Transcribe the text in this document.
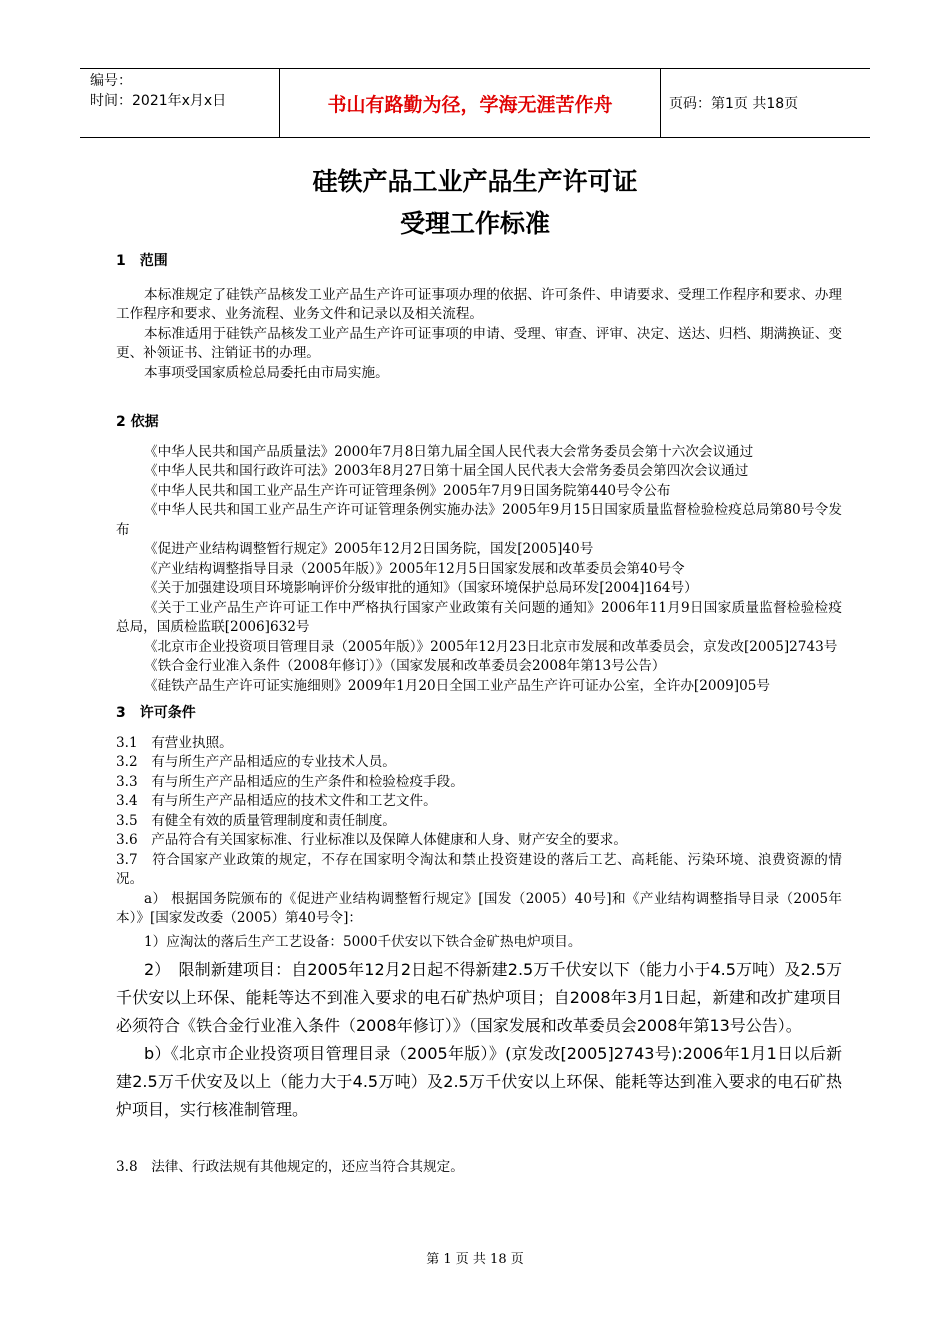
编号：
时间：2021年x月x日	书山有路勤为径，学海无涯苦作舟	页码：第1页 共18页
硅铁产品工业产品生产许可证
受理工作标准
1　范围

本标准规定了硅铁产品核发工业产品生产许可证事项办理的依据、许可条件、申请要求、受理工作程序和要求、办理工作程序和要求、业务流程、业务文件和记录以及相关流程。

本标准适用于硅铁产品核发工业产品生产许可证事项的申请、受理、审查、评审、决定、送达、归档、期满换证、变更、补领证书、注销证书的办理。

本事项受国家质检总局委托由市局实施。

2 依据

《中华人民共和国产品质量法》2000年7月8日第九届全国人民代表大会常务委员会第十六次会议通过

《中华人民共和国行政许可法》2003年8月27日第十届全国人民代表大会常务委员会第四次会议通过

《中华人民共和国工业产品生产许可证管理条例》2005年7月9日国务院第440号令公布

《中华人民共和国工业产品生产许可证管理条例实施办法》2005年9月15日国家质量监督检验检疫总局第80号令发布

《促进产业结构调整暂行规定》2005年12月2日国务院，国发[2005]40号

《产业结构调整指导目录（2005年版）》2005年12月5日国家发展和改革委员会第40号令

《关于加强建设项目环境影响评价分级审批的通知》（国家环境保护总局环发[2004]164号）

《关于工业产品生产许可证工作中严格执行国家产业政策有关问题的通知》2006年11月9日国家质量监督检验检疫总局，国质检监联[2006]632号

《北京市企业投资项目管理目录（2005年版）》2005年12月23日北京市发展和改革委员会，京发改[2005]2743号

《铁合金行业准入条件（2008年修订）》（国家发展和改革委员会2008年第13号公告）

《硅铁产品生产许可证实施细则》2009年1月20日全国工业产品生产许可证办公室，全许办[2009]05号

3　许可条件

3.1　有营业执照。

3.2　有与所生产产品相适应的专业技术人员。

3.3　有与所生产产品相适应的生产条件和检验检疫手段。

3.4　有与所生产产品相适应的技术文件和工艺文件。

3.5　有健全有效的质量管理制度和责任制度。

3.6　产品符合有关国家标准、行业标准以及保障人体健康和人身、财产安全的要求。

3.7　符合国家产业政策的规定，不存在国家明令淘汰和禁止投资建设的落后工艺、高耗能、污染环境、浪费资源的情况。

a） 根据国务院颁布的《促进产业结构调整暂行规定》[国发（2005）40号]和《产业结构调整指导目录（2005年本）》[国家发改委（2005）第40号令]：

1）应淘汰的落后生产工艺设备：5000千伏安以下铁合金矿热电炉项目。

2）　限制新建项目：自2005年12月2日起不得新建2.5万千伏安以下（能力小于4.5万吨）及2.5万千伏安以上环保、能耗等达不到准入要求的电石矿热炉项目；自2008年3月1日起，新建和改扩建项目必须符合《铁合金行业准入条件（2008年修订）》（国家发展和改革委员会2008年第13号公告）。

b）《北京市企业投资项目管理目录（2005年版）》(京发改[2005]2743号):2006年1月1日以后新建2.5万千伏安及以上（能力大于4.5万吨）及2.5万千伏安以上环保、能耗等达到准入要求的电石矿热炉项目，实行核准制管理。

3.8　法律、行政法规有其他规定的，还应当符合其规定。

第 1 页 共 18 页
